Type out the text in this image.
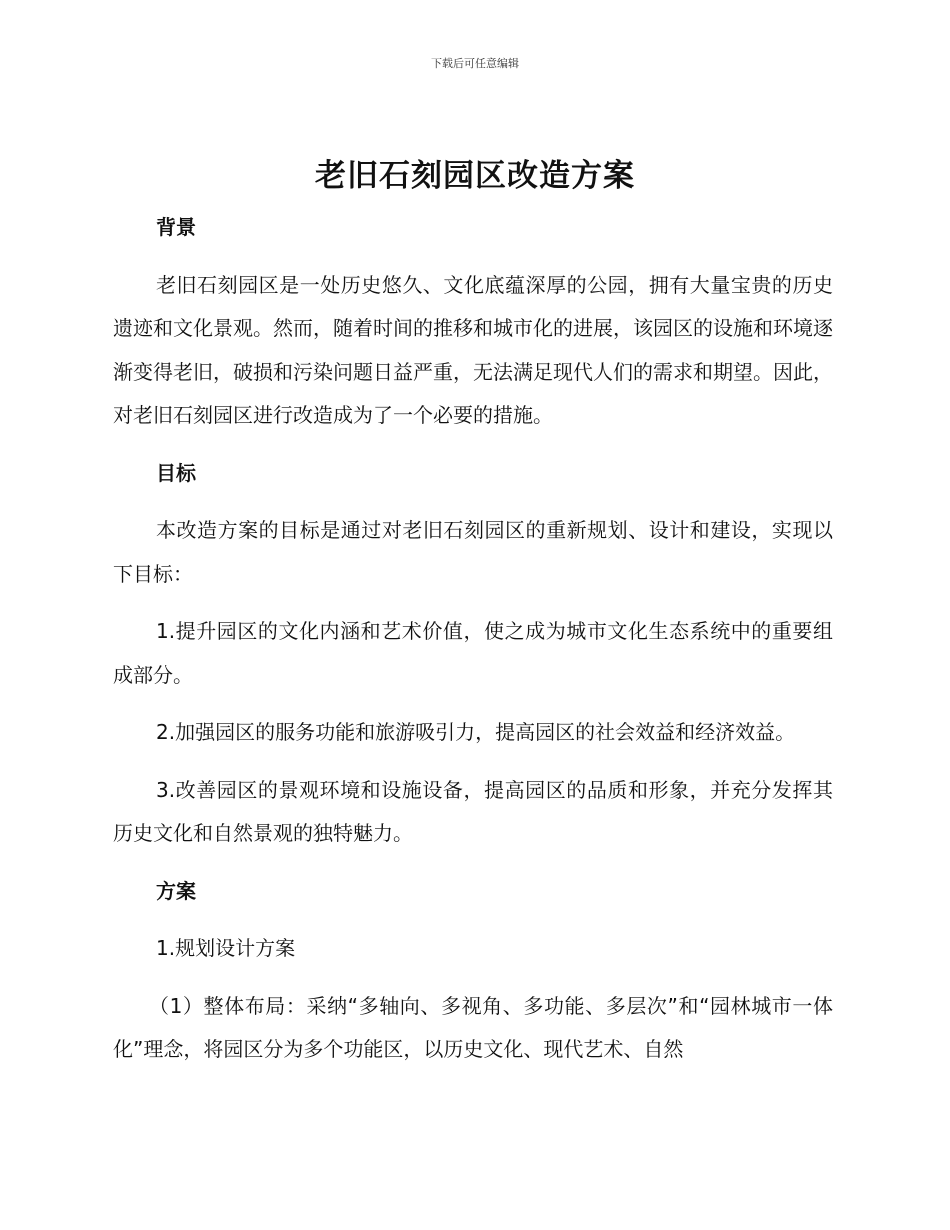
下载后可任意编辑
老旧石刻园区改造方案

背景

老旧石刻园区是一处历史悠久、文化底蕴深厚的公园，拥有大量宝贵的历史遗迹和文化景观。然而，随着时间的推移和城市化的进展，该园区的设施和环境逐渐变得老旧，破损和污染问题日益严重，无法满足现代人们的需求和期望。因此，对老旧石刻园区进行改造成为了一个必要的措施。

目标

本改造方案的目标是通过对老旧石刻园区的重新规划、设计和建设，实现以下目标：

1.提升园区的文化内涵和艺术价值，使之成为城市文化生态系统中的重要组成部分。

2.加强园区的服务功能和旅游吸引力，提高园区的社会效益和经济效益。

3.改善园区的景观环境和设施设备，提高园区的品质和形象，并充分发挥其历史文化和自然景观的独特魅力。

方案

1.规划设计方案

（1）整体布局：采纳“多轴向、多视角、多功能、多层次”和“园林城市一体化”理念，将园区分为多个功能区，以历史文化、现代艺术、自然
